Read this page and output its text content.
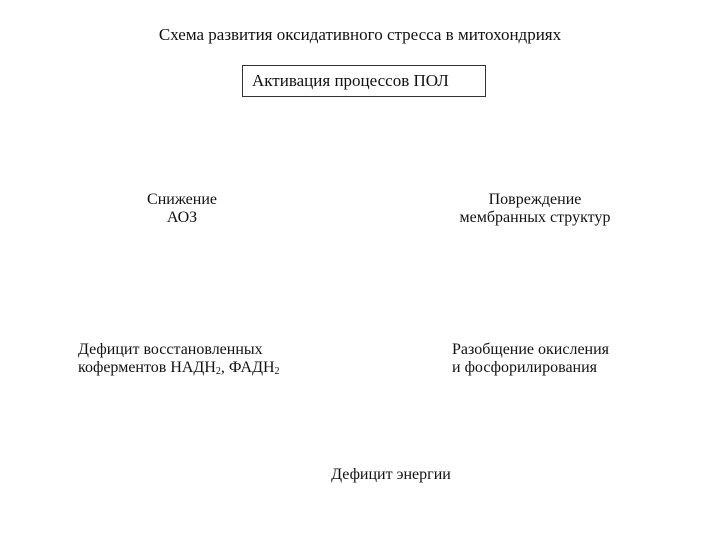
Схема развития оксидативного стресса в митохондриях
Активация процессов ПОЛ
Снижение
АОЗ
Повреждение
мембранных структур
Дефицит восстановленных
коферментов $НАДН_2$, $ФАДН_2$
Разобщение окисления
и фосфорилирования
Дефицит энергии
